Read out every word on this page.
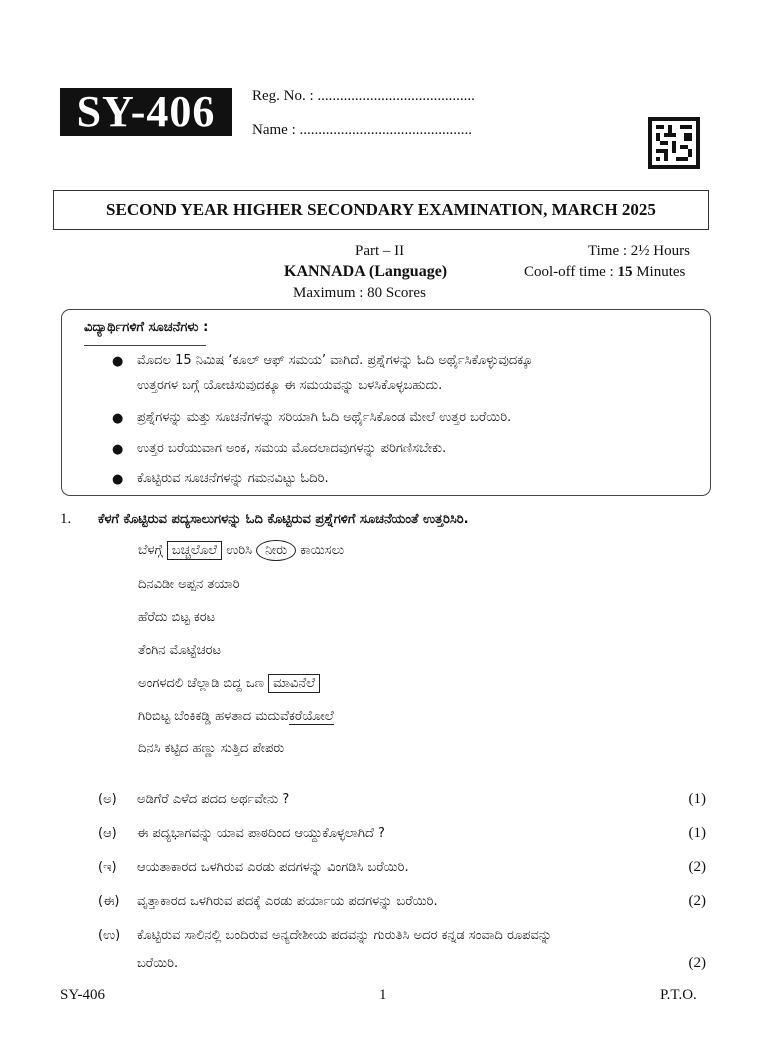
SY-406	Reg. No. : ..........................................
Name : ..............................................
SECOND YEAR HIGHER SECONDARY EXAMINATION, MARCH 2025
Part – II
KANNADA (Language)
Maximum : 80 Scores
Time : 2½ Hours
Cool-off time : 15 Minutes
ವಿದ್ಯಾರ್ಥಿಗಳಿಗೆ ಸೂಚನೆಗಳು :
● ಮೊದಲ 15 ನಿಮಿಷ ‘ಕೂಲ್ ಆಫ್ ಸಮಯ’ ವಾಗಿದೆ. ಪ್ರಶ್ನೆಗಳನ್ನು ಓದಿ ಅರ್ಥೈಸಿಕೊಳ್ಳುವುದಕ್ಕೂ
ಉತ್ತರಗಳ ಬಗ್ಗೆ ಯೋಚಿಸುವುದಕ್ಕೂ ಈ ಸಮಯವನ್ನು ಬಳಸಿಕೊಳ್ಳಬಹುದು.
● ಪ್ರಶ್ನೆಗಳನ್ನು ಮತ್ತು ಸೂಚನೆಗಳನ್ನು ಸರಿಯಾಗಿ ಓದಿ ಅರ್ಥೈಸಿಕೊಂಡ ಮೇಲೆ ಉತ್ತರ ಬರೆಯಿರಿ.
● ಉತ್ತರ ಬರೆಯುವಾಗ ಅಂಕ, ಸಮಯ ಮೊದಲಾದವುಗಳನ್ನು ಪರಿಗಣಿಸಬೇಕು.
● ಕೊಟ್ಟಿರುವ ಸೂಚನೆಗಳನ್ನು ಗಮನವಿಟ್ಟು ಓದಿರಿ.
1. ಕೆಳಗೆ ಕೊಟ್ಟಿರುವ ಪದ್ಯಸಾಲುಗಳನ್ನು ಓದಿ ಕೊಟ್ಟಿರುವ ಪ್ರಶ್ನೆಗಳಿಗೆ ಸೂಚನೆಯಂತೆ ಉತ್ತರಿಸಿರಿ.
ಬೆಳಗ್ಗೆ ಬಚ್ಚಲೊಲೆ ಉರಿಸಿ ನೀರು ಕಾಯಿಸಲು
ದಿನವಿಡೀ ಅಪ್ಪನ ತಯಾರಿ
ಹೆರೆದು ಬಿಟ್ಟ ಕರಟ
ತೆಂಗಿನ ಮೊಟ್ಟೆಚರಟ
ಅಂಗಳದಲಿ ಚೆಲ್ಲಾಡಿ ಬಿದ್ದ ಒಣ ಮಾವಿನೆಲೆ
ಗಿರಿಬಿಟ್ಟ ಬೆಂಕಿಕಡ್ಡಿ ಹಳತಾದ ಮದುವೆಕರೆಯೋಲೆ
ದಿನಸಿ ಕಟ್ಟಿದ ಹಣ್ಣು ಸುತ್ತಿದ ಪೇಪರು
(ಅ) ಅಡಿಗೆರೆ ಎಳೆದ ಪದದ ಅರ್ಥವೇನು ?	(1)
(ಆ) ಈ ಪದ್ಯಭಾಗವನ್ನು ಯಾವ ಪಾಠದಿಂದ ಆಯ್ದುಕೊಳ್ಳಲಾಗಿದೆ ?	(1)
(ಇ) ಆಯತಾಕಾರದ ಒಳಗಿರುವ ಎರಡು ಪದಗಳನ್ನು ವಿಂಗಡಿಸಿ ಬರೆಯಿರಿ.	(2)
(ಈ) ವೃತ್ತಾಕಾರದ ಒಳಗಿರುವ ಪದಕ್ಕೆ ಎರಡು ಪರ್ಯಾಯ ಪದಗಳನ್ನು ಬರೆಯಿರಿ.	(2)
(ಉ) ಕೊಟ್ಟಿರುವ ಸಾಲಿನಲ್ಲಿ ಬಂದಿರುವ ಅನ್ಯದೇಶೀಯ ಪದವನ್ನು ಗುರುತಿಸಿ ಅದರ ಕನ್ನಡ ಸಂವಾದಿ ರೂಪವನ್ನು
ಬರೆಯಿರಿ.	(2)
SY-406	1	P.T.O.
